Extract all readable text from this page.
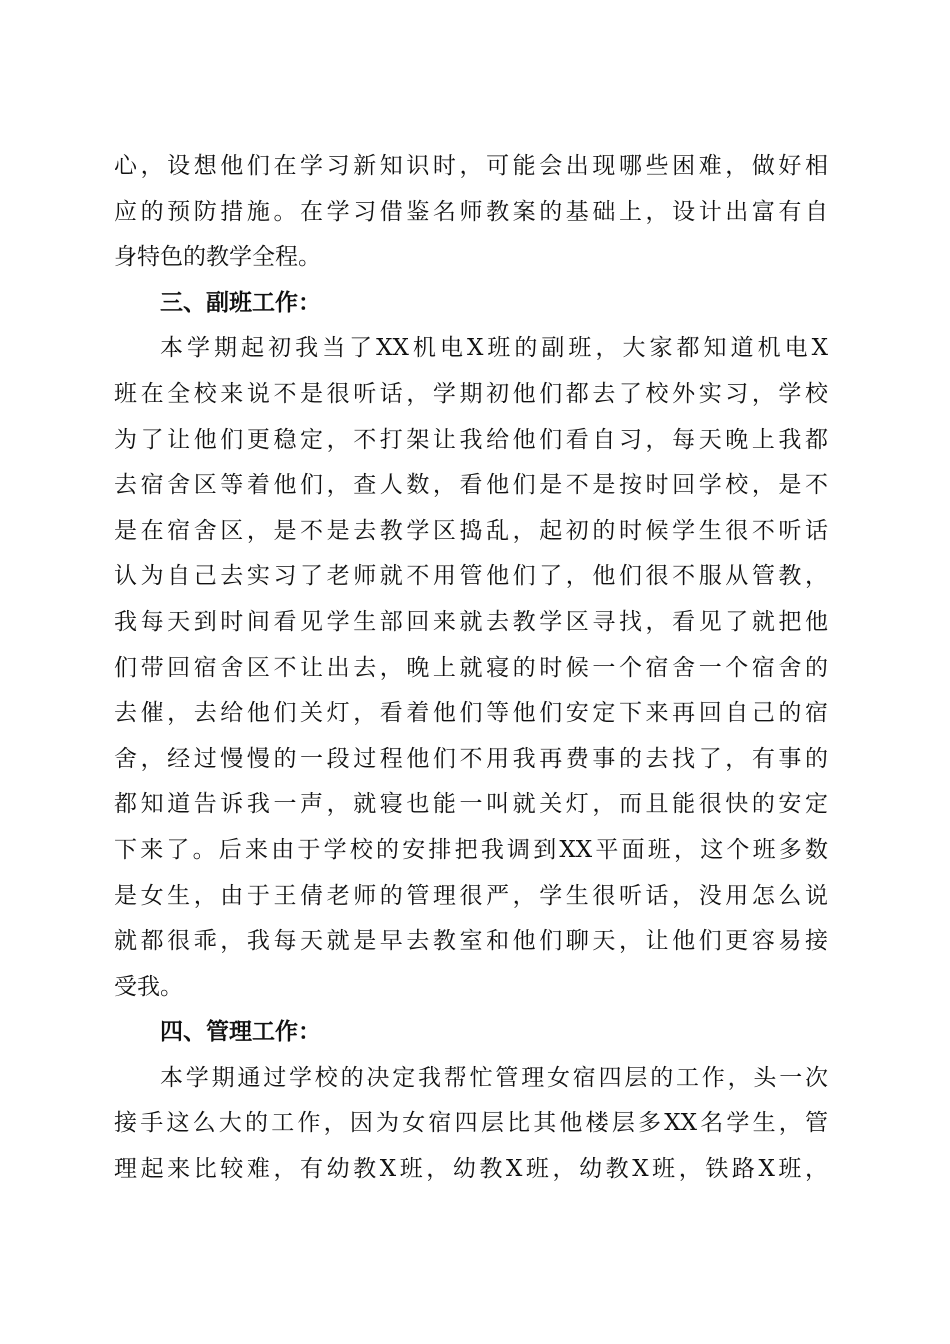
心，设想他们在学习新知识时，可能会出现哪些困难，做好相
应的预防措施。在学习借鉴名师教案的基础上，设计出富有自
身特色的教学全程。
三、副班工作：
本学期起初我当了XX机电X班的副班，大家都知道机电X
班在全校来说不是很听话，学期初他们都去了校外实习，学校
为了让他们更稳定，不打架让我给他们看自习，每天晚上我都
去宿舍区等着他们，查人数，看他们是不是按时回学校，是不
是在宿舍区，是不是去教学区捣乱，起初的时候学生很不听话
认为自己去实习了老师就不用管他们了，他们很不服从管教，
我每天到时间看见学生部回来就去教学区寻找，看见了就把他
们带回宿舍区不让出去，晚上就寝的时候一个宿舍一个宿舍的
去催，去给他们关灯，看着他们等他们安定下来再回自己的宿
舍，经过慢慢的一段过程他们不用我再费事的去找了，有事的
都知道告诉我一声，就寝也能一叫就关灯，而且能很快的安定
下来了。后来由于学校的安排把我调到XX平面班，这个班多数
是女生，由于王倩老师的管理很严，学生很听话，没用怎么说
就都很乖，我每天就是早去教室和他们聊天，让他们更容易接
受我。
四、管理工作：
本学期通过学校的决定我帮忙管理女宿四层的工作，头一次
接手这么大的工作，因为女宿四层比其他楼层多XX名学生，管
理起来比较难，有幼教X班，幼教X班，幼教X班，铁路X班，
